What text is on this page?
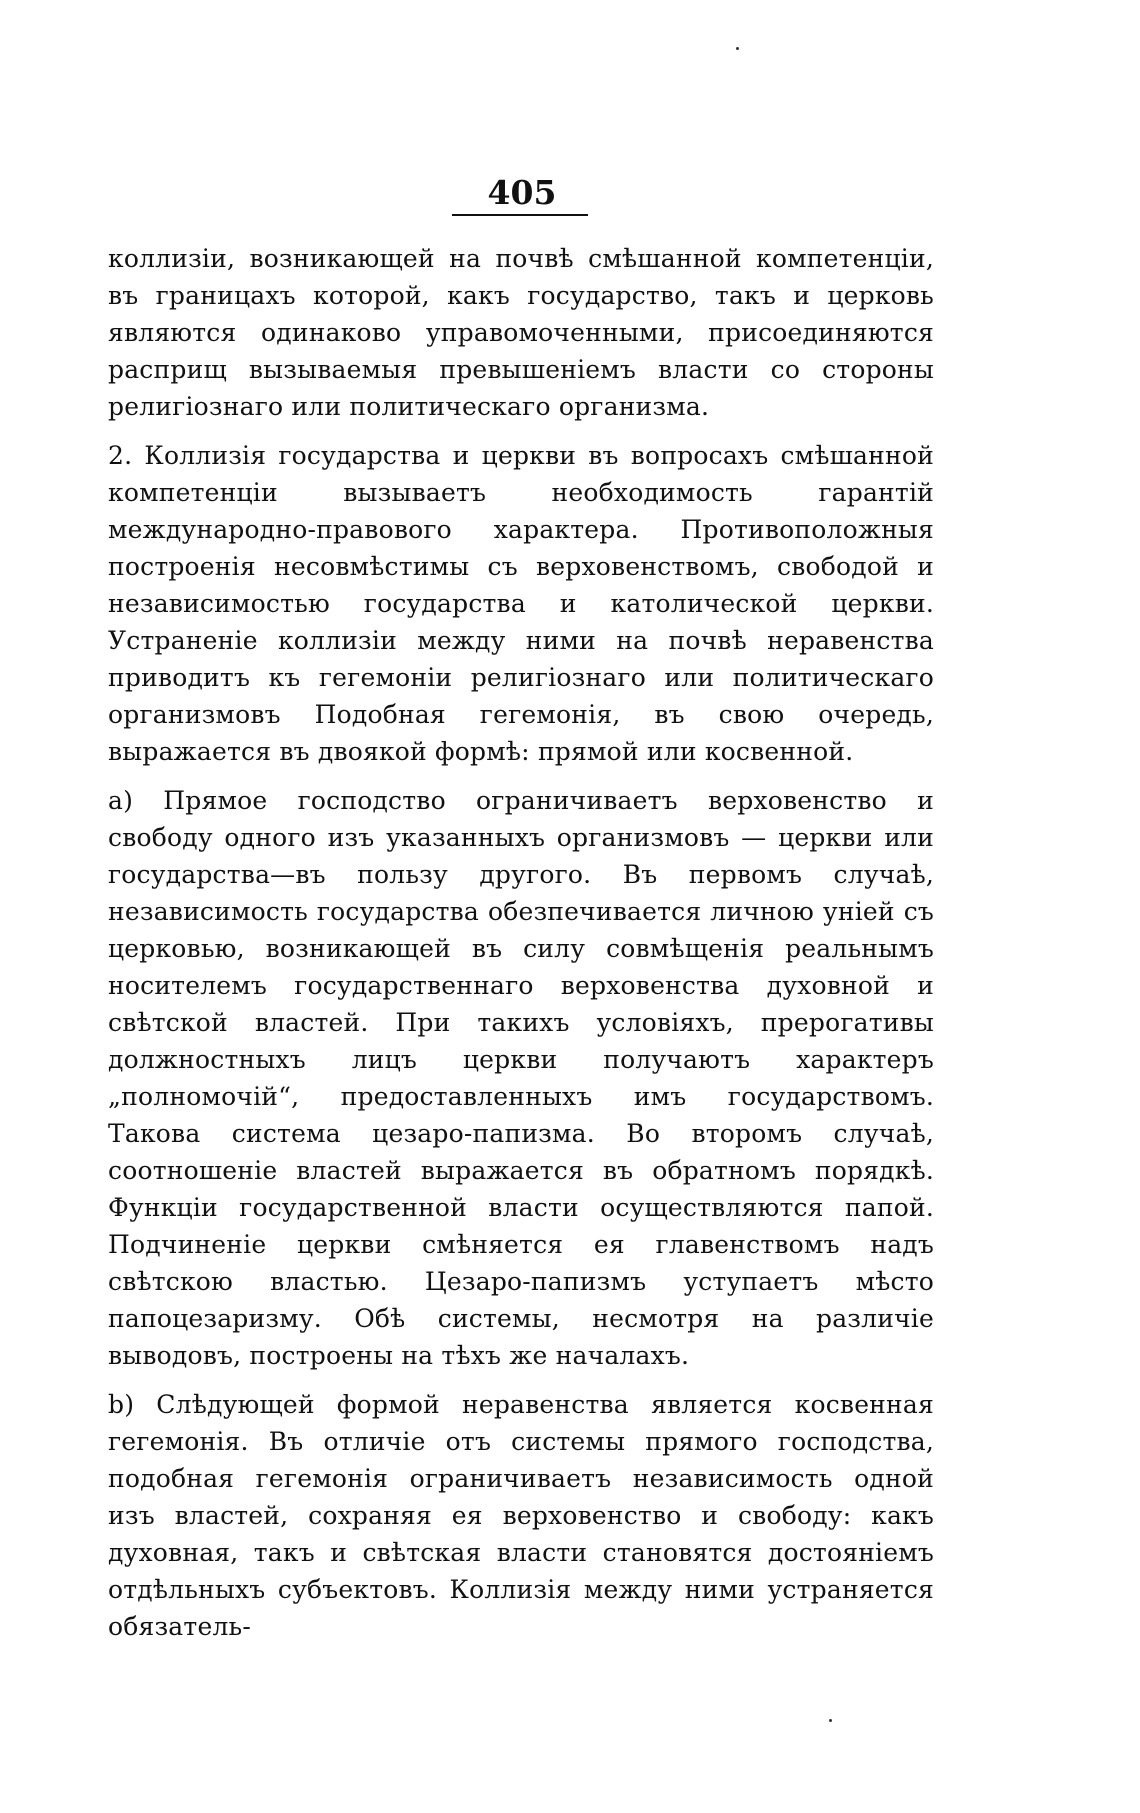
405

коллизіи, возникающей на почвѣ смѣшанной компетенціи, въ границахъ которой, какъ государство, такъ и церковь являются одинаково управомоченными, присоединяются расприщ вызываемыя превышеніемъ власти со стороны религіознаго или политическаго организма.

2. Коллизія государства и церкви въ вопросахъ смѣшанной компетенціи вызываетъ необходимость гарантій международно-правового характера. Противоположныя построенія несовмѣстимы съ верховенствомъ, свободой и независимостью государства и католической церкви. Устраненіе коллизіи между ними на почвѣ неравенства приводитъ къ гегемоніи религіознаго или политическаго организмовъ Подобная гегемонія, въ свою очередь, выражается въ двоякой формѣ: прямой или косвенной.

а) Прямое господство ограничиваетъ верховенство и свободу одного изъ указанныхъ организмовъ — церкви или государства—въ пользу другого. Въ первомъ случаѣ, независимость государства обезпечивается личною уніей съ церковью, возникающей въ силу совмѣщенія реальнымъ носителемъ государственнаго верховенства духовной и свѣтской властей. При такихъ условіяхъ, прерогативы должностныхъ лицъ церкви получаютъ характеръ „полномочій“, предоставленныхъ имъ государствомъ. Такова система цезаро-папизма. Во второмъ случаѣ, соотношеніе властей выражается въ обратномъ порядкѣ. Функціи государственной власти осуществляются папой. Подчиненіе церкви смѣняется ея главенствомъ надъ свѣтскою властью. Цезаро-папизмъ уступаетъ мѣсто папоцезаризму. Обѣ системы, несмотря на различіе выводовъ, построены на тѣхъ же началахъ.

b) Слѣдующей формой неравенства является косвенная гегемонія. Въ отличіе отъ системы прямого господства, подобная гегемонія ограничиваетъ независимость одной изъ властей, сохраняя ея верховенство и свободу: какъ духовная, такъ и свѣтская власти становятся достояніемъ отдѣльныхъ субъектовъ. Коллизія между ними устраняется обязатель-
